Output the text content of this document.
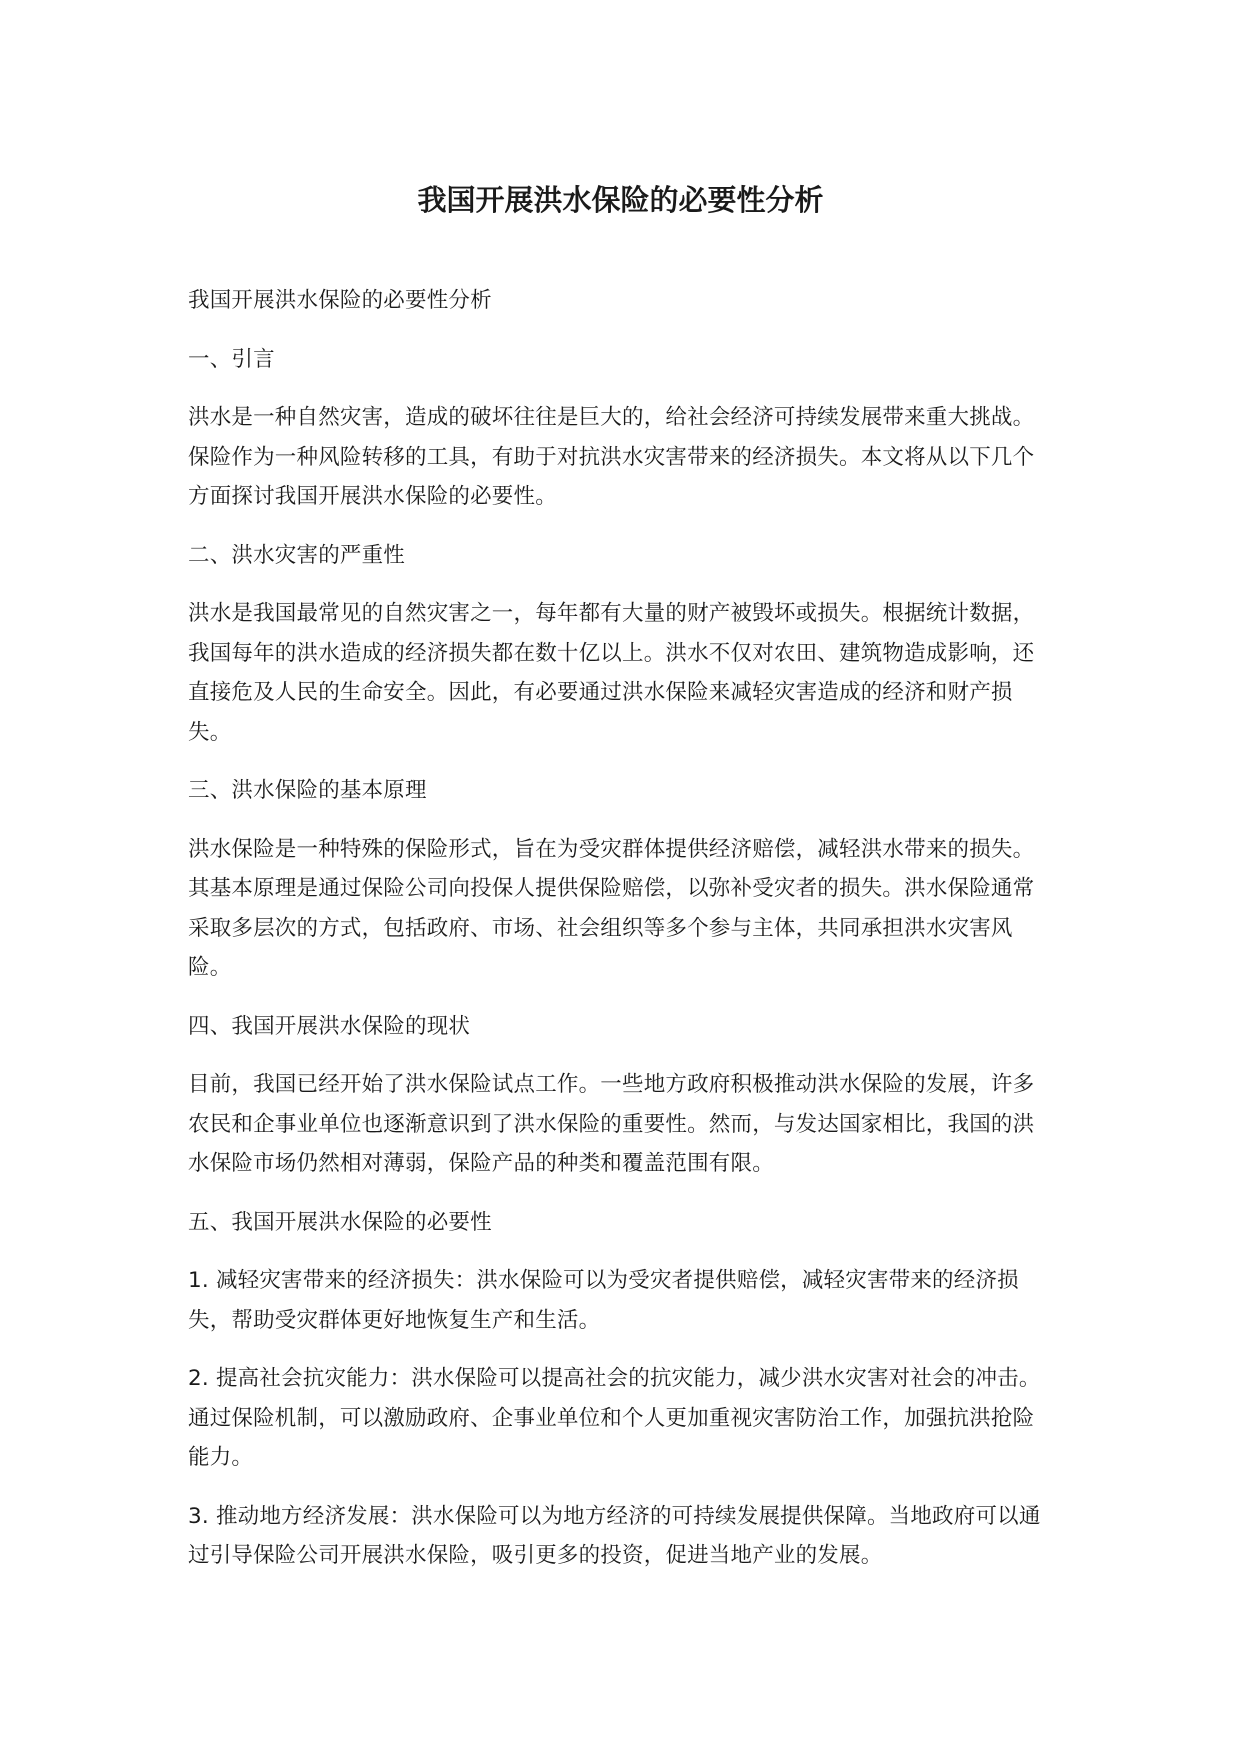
我国开展洪水保险的必要性分析

我国开展洪水保险的必要性分析

一、引言

洪水是一种自然灾害，造成的破坏往往是巨大的，给社会经济可持续发展带来重大挑战。保险作为一种风险转移的工具，有助于对抗洪水灾害带来的经济损失。本文将从以下几个方面探讨我国开展洪水保险的必要性。

二、洪水灾害的严重性

洪水是我国最常见的自然灾害之一，每年都有大量的财产被毁坏或损失。根据统计数据，我国每年的洪水造成的经济损失都在数十亿以上。洪水不仅对农田、建筑物造成影响，还直接危及人民的生命安全。因此，有必要通过洪水保险来减轻灾害造成的经济和财产损失。

三、洪水保险的基本原理

洪水保险是一种特殊的保险形式，旨在为受灾群体提供经济赔偿，减轻洪水带来的损失。其基本原理是通过保险公司向投保人提供保险赔偿，以弥补受灾者的损失。洪水保险通常采取多层次的方式，包括政府、市场、社会组织等多个参与主体，共同承担洪水灾害风险。

四、我国开展洪水保险的现状

目前，我国已经开始了洪水保险试点工作。一些地方政府积极推动洪水保险的发展，许多农民和企事业单位也逐渐意识到了洪水保险的重要性。然而，与发达国家相比，我国的洪水保险市场仍然相对薄弱，保险产品的种类和覆盖范围有限。

五、我国开展洪水保险的必要性

1. 减轻灾害带来的经济损失：洪水保险可以为受灾者提供赔偿，减轻灾害带来的经济损失，帮助受灾群体更好地恢复生产和生活。

2. 提高社会抗灾能力：洪水保险可以提高社会的抗灾能力，减少洪水灾害对社会的冲击。通过保险机制，可以激励政府、企事业单位和个人更加重视灾害防治工作，加强抗洪抢险能力。

3. 推动地方经济发展：洪水保险可以为地方经济的可持续发展提供保障。当地政府可以通过引导保险公司开展洪水保险，吸引更多的投资，促进当地产业的发展。
